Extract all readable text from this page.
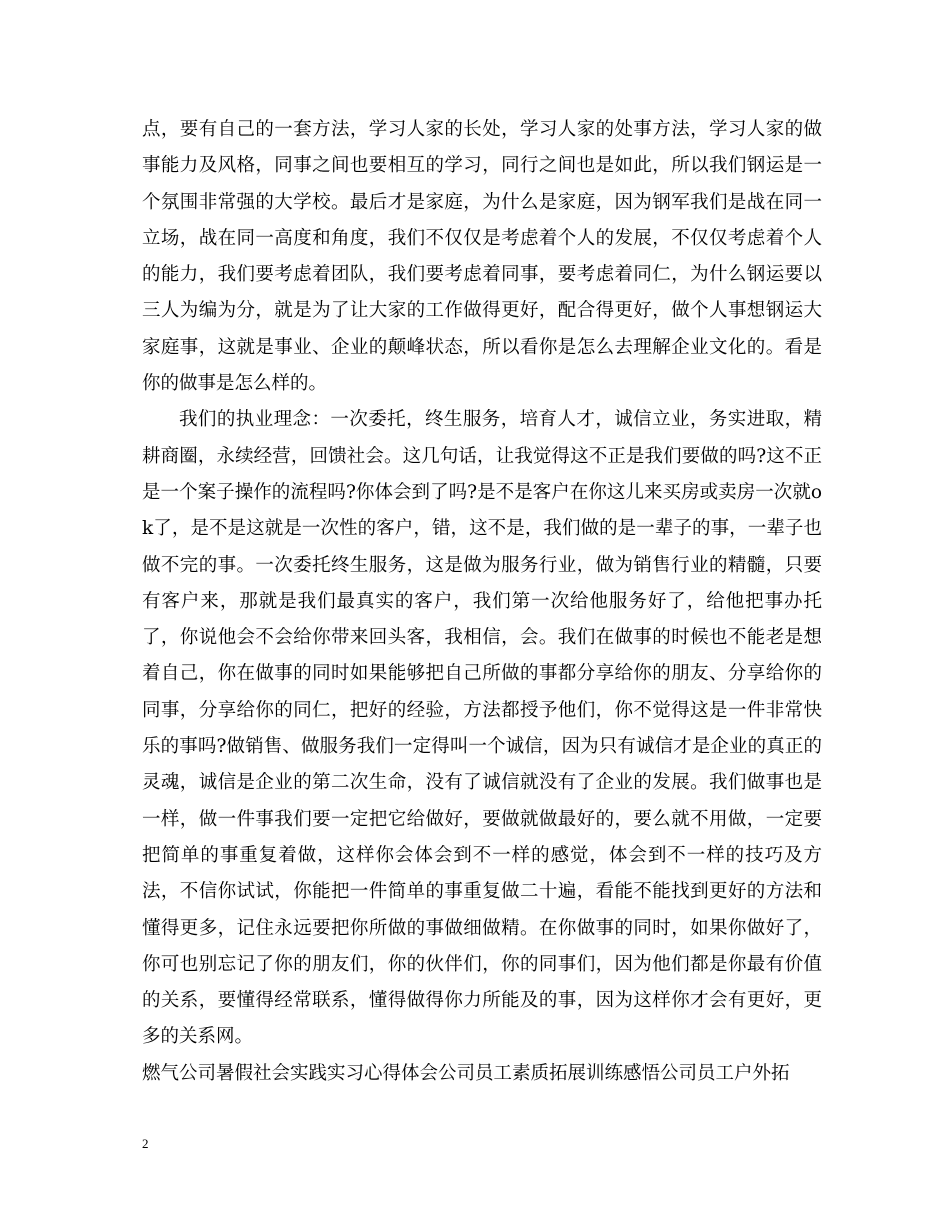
点，要有自己的一套方法，学习人家的长处，学习人家的处事方法，学习人家的做事能力及风格，同事之间也要相互的学习，同行之间也是如此，所以我们钢运是一个氛围非常强的大学校。最后才是家庭，为什么是家庭，因为钢军我们是战在同一立场，战在同一高度和角度，我们不仅仅是考虑着个人的发展，不仅仅考虑着个人的能力，我们要考虑着团队，我们要考虑着同事，要考虑着同仁，为什么钢运要以三人为编为分，就是为了让大家的工作做得更好，配合得更好，做个人事想钢运大家庭事，这就是事业、企业的颠峰状态，所以看你是怎么去理解企业文化的。看是你的做事是怎么样的。

我们的执业理念：一次委托，终生服务，培育人才，诚信立业，务实进取，精耕商圈，永续经营，回馈社会。这几句话，让我觉得这不正是我们要做的吗?这不正是一个案子操作的流程吗?你体会到了吗?是不是客户在你这儿来买房或卖房一次就ok了，是不是这就是一次性的客户，错，这不是，我们做的是一辈子的事，一辈子也做不完的事。一次委托终生服务，这是做为服务行业，做为销售行业的精髓，只要有客户来，那就是我们最真实的客户，我们第一次给他服务好了，给他把事办托了，你说他会不会给你带来回头客，我相信，会。我们在做事的时候也不能老是想着自己，你在做事的同时如果能够把自己所做的事都分享给你的朋友、分享给你的同事，分享给你的同仁，把好的经验，方法都授予他们，你不觉得这是一件非常快乐的事吗?做销售、做服务我们一定得叫一个诚信，因为只有诚信才是企业的真正的灵魂，诚信是企业的第二次生命，没有了诚信就没有了企业的发展。我们做事也是一样，做一件事我们要一定把它给做好，要做就做最好的，要么就不用做，一定要把简单的事重复着做，这样你会体会到不一样的感觉，体会到不一样的技巧及方法，不信你试试，你能把一件简单的事重复做二十遍，看能不能找到更好的方法和懂得更多，记住永远要把你所做的事做细做精。在你做事的同时，如果你做好了，你可也别忘记了你的朋友们，你的伙伴们，你的同事们，因为他们都是你最有价值的关系，要懂得经常联系，懂得做得你力所能及的事，因为这样你才会有更好，更多的关系网。

燃气公司暑假社会实践实习心得体会公司员工素质拓展训练感悟公司员工户外拓
2
